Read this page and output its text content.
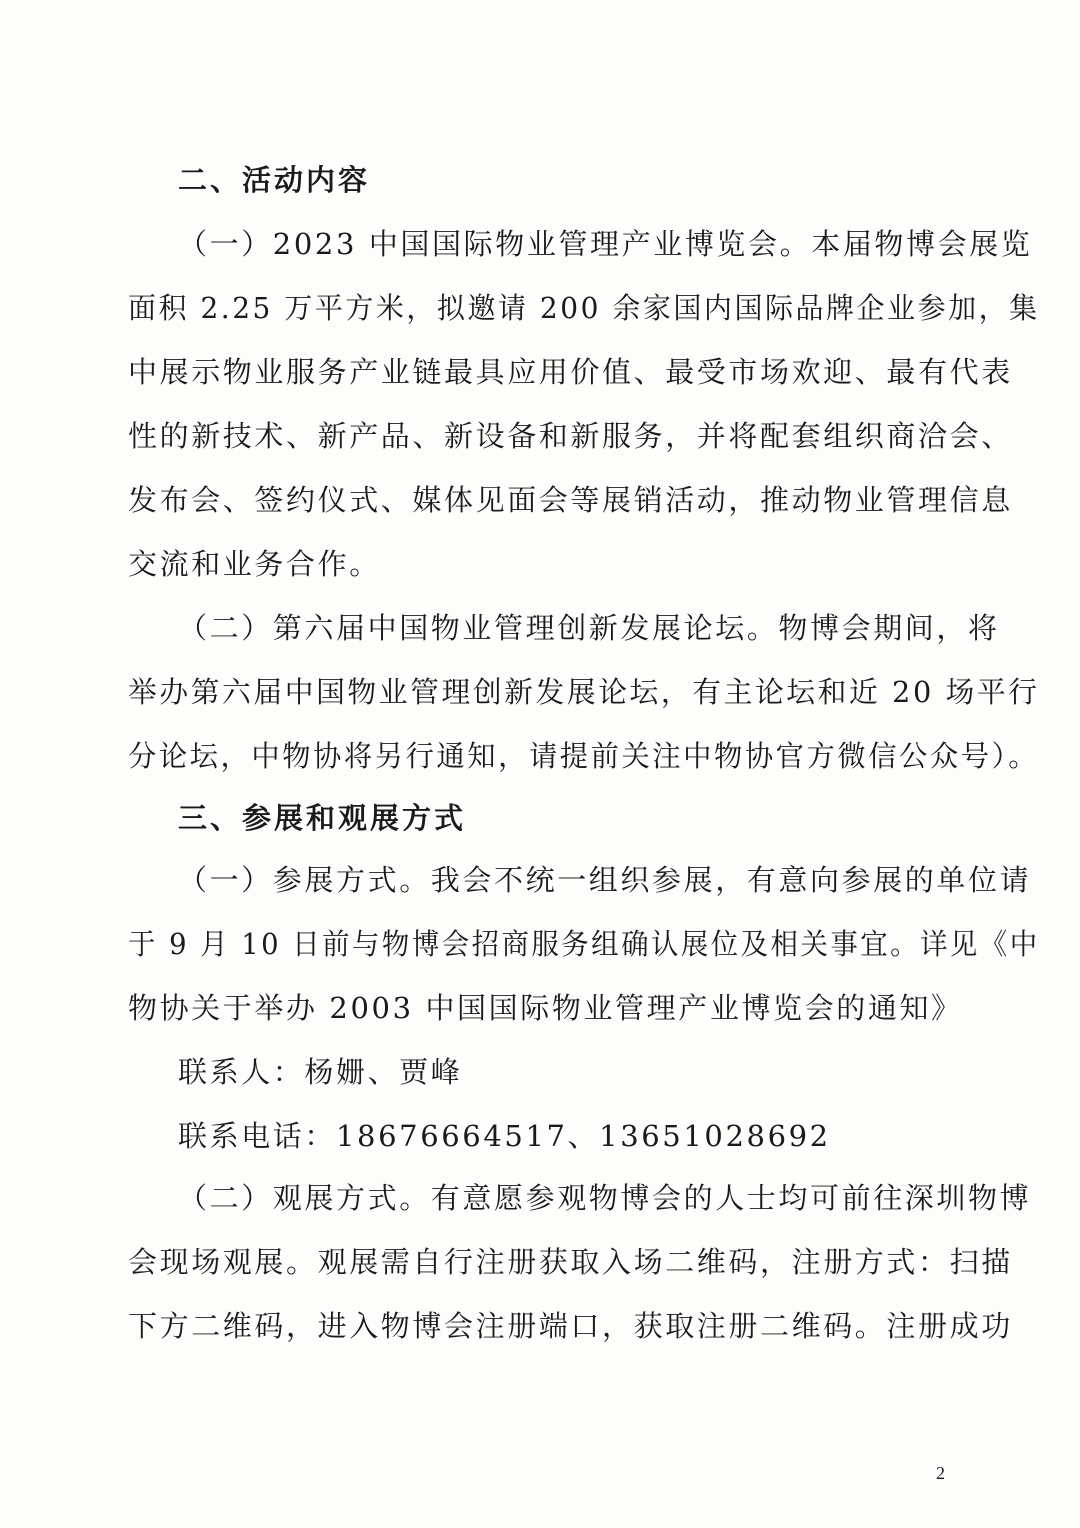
二、活动内容
（一）2023 中国国际物业管理产业博览会。本届物博会展览
面积 2.25 万平方米，拟邀请 200 余家国内国际品牌企业参加，集
中展示物业服务产业链最具应用价值、最受市场欢迎、最有代表
性的新技术、新产品、新设备和新服务，并将配套组织商洽会、
发布会、签约仪式、媒体见面会等展销活动，推动物业管理信息
交流和业务合作。
（二）第六届中国物业管理创新发展论坛。物博会期间，将
举办第六届中国物业管理创新发展论坛，有主论坛和近 20 场平行
分论坛，中物协将另行通知，请提前关注中物协官方微信公众号）。
三、参展和观展方式
（一）参展方式。我会不统一组织参展，有意向参展的单位请
于 9 月 10 日前与物博会招商服务组确认展位及相关事宜。详见《中
物协关于举办 2003 中国国际物业管理产业博览会的通知》
联系人：杨姗、贾峰
联系电话：18676664517、13651028692
（二）观展方式。有意愿参观物博会的人士均可前往深圳物博
会现场观展。观展需自行注册获取入场二维码，注册方式：扫描
下方二维码，进入物博会注册端口，获取注册二维码。注册成功
2
